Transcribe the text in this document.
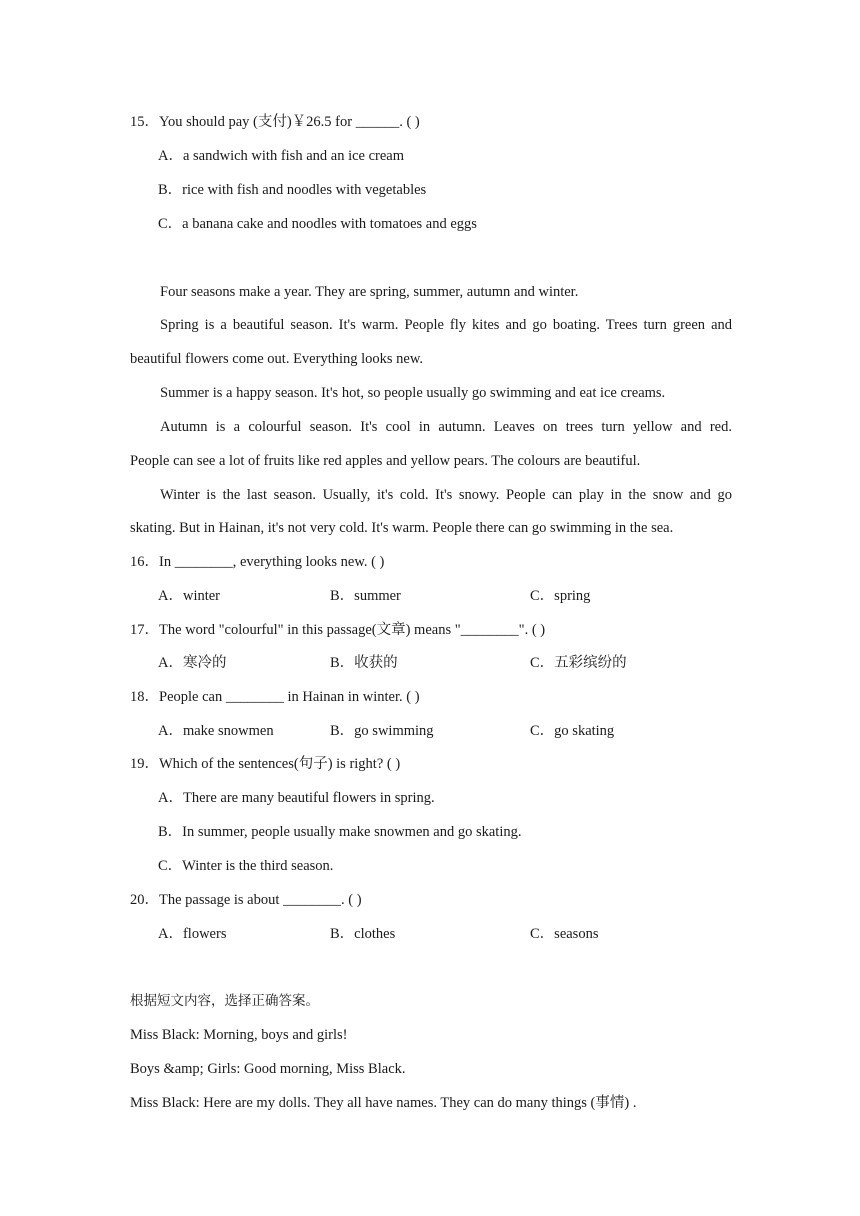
15．You should pay (支付)￥26.5 for ______. ( )
A．a sandwich with fish and an ice cream
B．rice with fish and noodles with vegetables
C．a banana cake and noodles with tomatoes and eggs
Four seasons make a year. They are spring, summer, autumn and winter.
Spring is a beautiful season. It's warm. People fly kites and go boating. Trees turn green and
beautiful flowers come out. Everything looks new.
Summer is a happy season. It's hot, so people usually go swimming and eat ice creams.
Autumn is a colourful season. It's cool in autumn. Leaves on trees turn yellow and red.
People can see a lot of fruits like red apples and yellow pears. The colours are beautiful.
Winter is the last season. Usually, it's cold. It's snowy. People can play in the snow and go
skating. But in Hainan, it's not very cold. It's warm. People there can go swimming in the sea.
16．In ________, everything looks new. ( )
A．winter	B．summer	C．spring
17．The word "colourful" in this passage(文章) means "________". ( )
A．寒冷的	B．收获的	C．五彩缤纷的
18．People can ________ in Hainan in winter. ( )
A．make snowmen	B．go swimming	C．go skating
19．Which of the sentences(句子) is right? ( )
A．There are many beautiful flowers in spring.
B．In summer, people usually make snowmen and go skating.
C．Winter is the third season.
20．The passage is about ________. ( )
A．flowers	B．clothes	C．seasons
根据短文内容，选择正确答案。
Miss Black: Morning, boys and girls!
Boys &amp; Girls: Good morning, Miss Black.
Miss Black: Here are my dolls. They all have names. They can do many things (事情) .
